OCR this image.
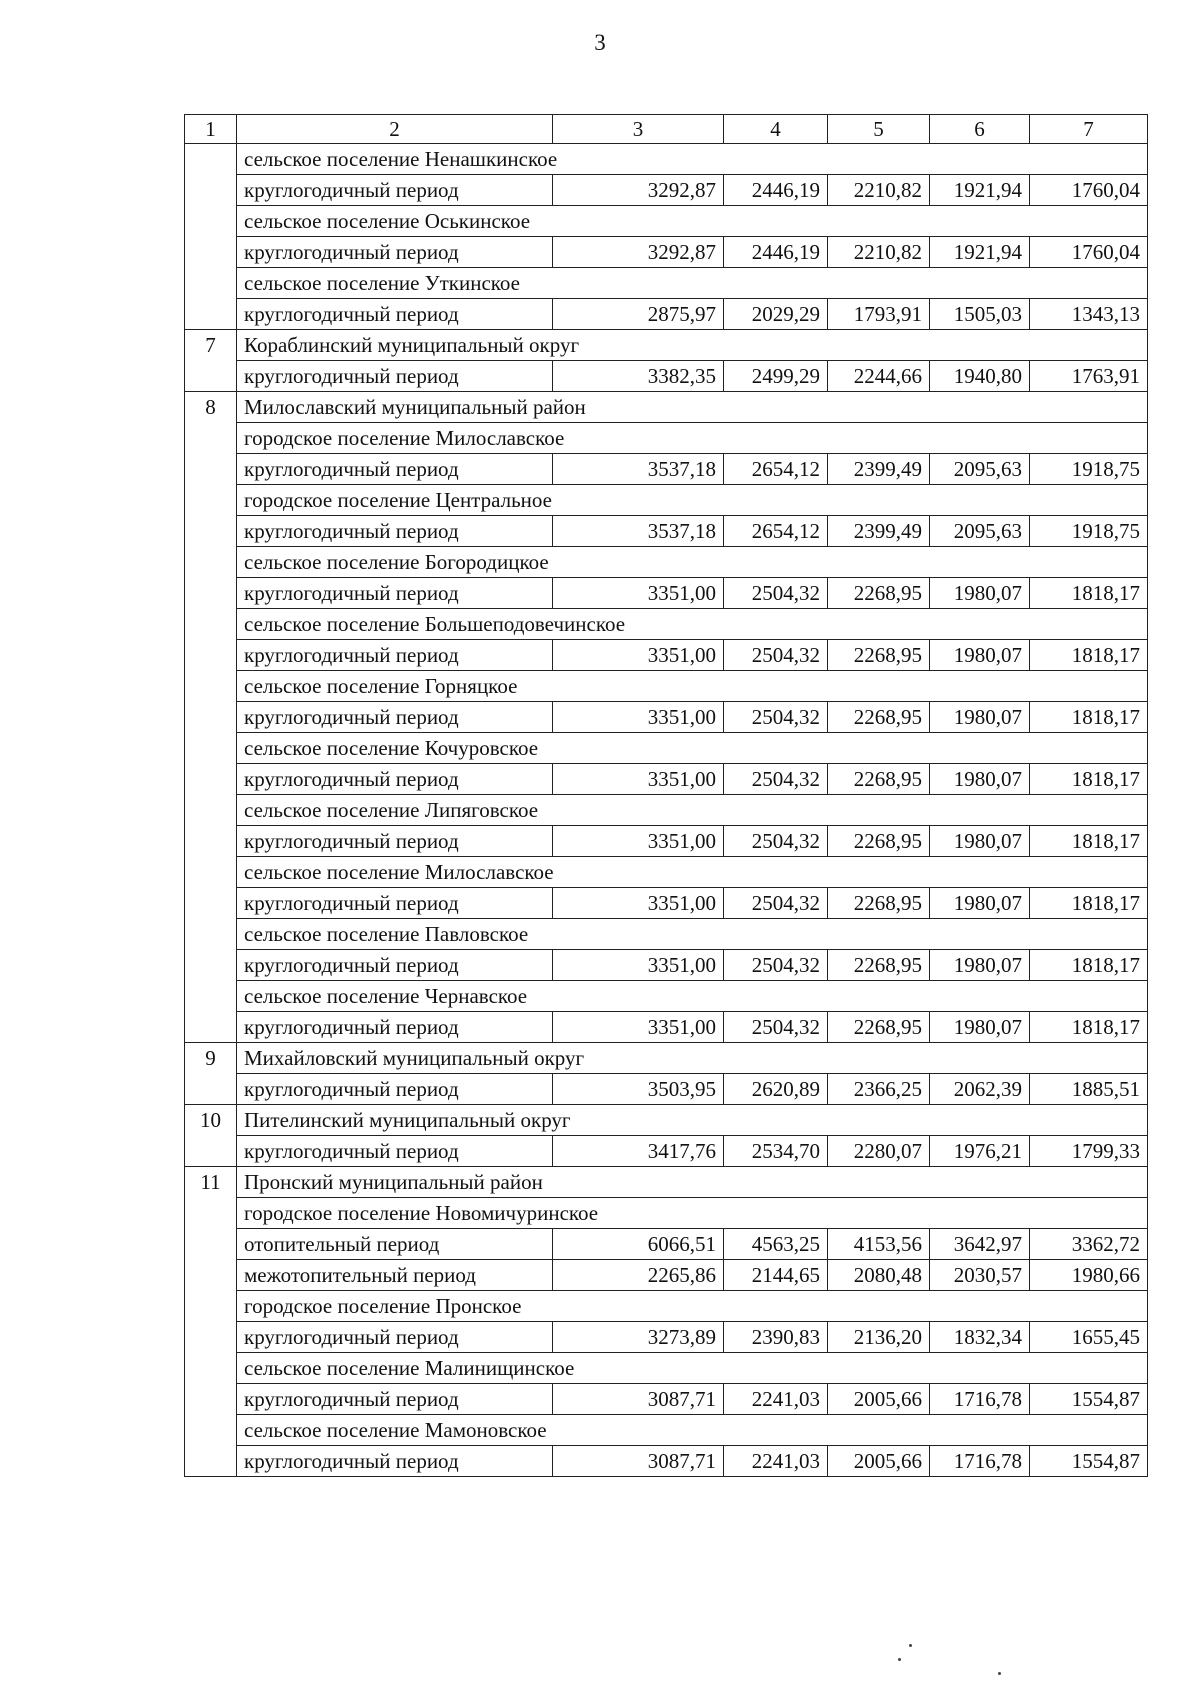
3
1	2	3	4	5	6	7
	сельское поселение Ненашкинское					
	круглогодичный период	3292,87	2446,19	2210,82	1921,94	1760,04
	сельское поселение Оськинское					
	круглогодичный период	3292,87	2446,19	2210,82	1921,94	1760,04
	сельское поселение Уткинское					
	круглогодичный период	2875,97	2029,29	1793,91	1505,03	1343,13
7	Кораблинский муниципальный округ					
	круглогодичный период	3382,35	2499,29	2244,66	1940,80	1763,91
8	Милославский муниципальный район					
	городское поселение Милославское					
	круглогодичный период	3537,18	2654,12	2399,49	2095,63	1918,75
	городское поселение Центральное					
	круглогодичный период	3537,18	2654,12	2399,49	2095,63	1918,75
	сельское поселение Богородицкое					
	круглогодичный период	3351,00	2504,32	2268,95	1980,07	1818,17
	сельское поселение Большеподовечинское					
	круглогодичный период	3351,00	2504,32	2268,95	1980,07	1818,17
	сельское поселение Горняцкое					
	круглогодичный период	3351,00	2504,32	2268,95	1980,07	1818,17
	сельское поселение Кочуровское					
	круглогодичный период	3351,00	2504,32	2268,95	1980,07	1818,17
	сельское поселение Липяговское					
	круглогодичный период	3351,00	2504,32	2268,95	1980,07	1818,17
	сельское поселение Милославское					
	круглогодичный период	3351,00	2504,32	2268,95	1980,07	1818,17
	сельское поселение Павловское					
	круглогодичный период	3351,00	2504,32	2268,95	1980,07	1818,17
	сельское поселение Чернавское					
	круглогодичный период	3351,00	2504,32	2268,95	1980,07	1818,17
9	Михайловский муниципальный округ					
	круглогодичный период	3503,95	2620,89	2366,25	2062,39	1885,51
10	Пителинский муниципальный округ					
	круглогодичный период	3417,76	2534,70	2280,07	1976,21	1799,33
11	Пронский муниципальный район					
	городское поселение Новомичуринское					
	отопительный период	6066,51	4563,25	4153,56	3642,97	3362,72
	межотопительный период	2265,86	2144,65	2080,48	2030,57	1980,66
	городское поселение Пронское					
	круглогодичный период	3273,89	2390,83	2136,20	1832,34	1655,45
	сельское поселение Малинищинское					
	круглогодичный период	3087,71	2241,03	2005,66	1716,78	1554,87
	сельское поселение Мамоновское					
	круглогодичный период	3087,71	2241,03	2005,66	1716,78	1554,87
